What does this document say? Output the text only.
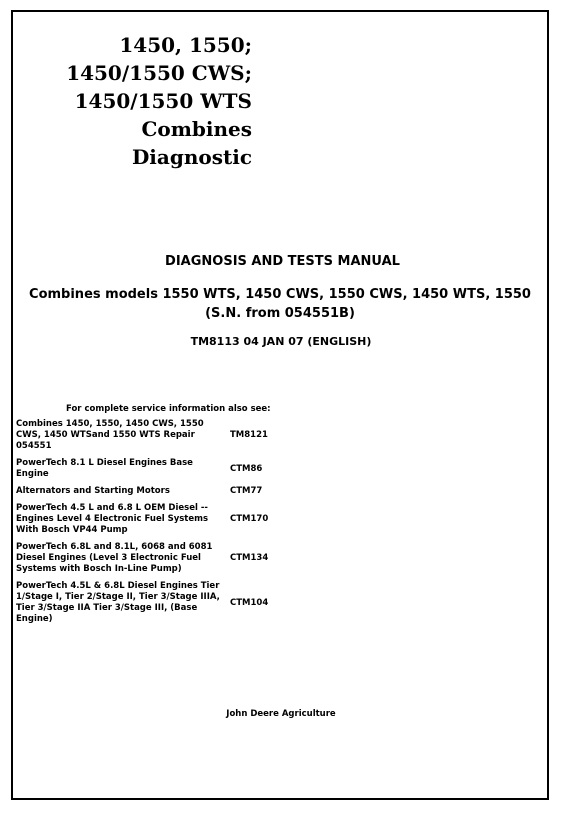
1450, 1550;
1450/1550 CWS;
1450/1550 WTS
Combines
Diagnostic
DIAGNOSIS AND TESTS MANUAL
Combines models 1550 WTS, 1450 CWS, 1550 CWS, 1450 WTS, 1550 (S.N. from 054551B)
TM8113 04 JAN 07 (ENGLISH)
For complete service information also see:
Combines 1450, 1550, 1450 CWS, 1550 CWS, 1450 WTSand 1550 WTS Repair 054551	TM8121
PowerTech 8.1 L Diesel Engines Base Engine	CTM86
Alternators and Starting Motors	CTM77
PowerTech 4.5 L and 6.8 L OEM Diesel -- Engines Level 4 Electronic Fuel Systems With Bosch VP44 Pump	CTM170
PowerTech 6.8L and 8.1L, 6068 and 6081 Diesel Engines (Level 3 Electronic Fuel Systems with Bosch In-Line Pump)	CTM134
PowerTech 4.5L & 6.8L Diesel Engines Tier 1/Stage I, Tier 2/Stage II, Tier 3/Stage IIIA, Tier 3/Stage IIA Tier 3/Stage III, (Base Engine)	CTM104
John Deere Agriculture
